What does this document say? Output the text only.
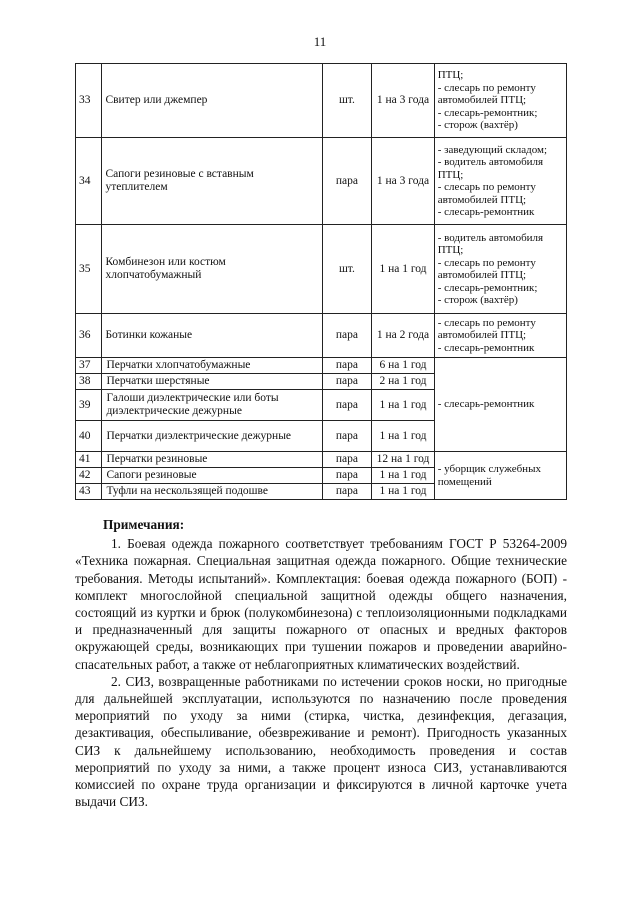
11
33	Свитер или джемпер	шт.	1 на 3 года	ПТЦ;
- слесарь по ремонту автомобилей ПТЦ;
- слесарь-ремонтник;
- сторож (вахтёр)

34	Сапоги резиновые с вставным утеплителем	пара	1 на 3 года	- заведующий складом;
- водитель автомобиля ПТЦ;
- слесарь по ремонту автомобилей ПТЦ;
- слесарь-ремонтник

35	Комбинезон или костюм хлопчатобумажный	шт.	1 на 1 год	- водитель автомобиля ПТЦ;
- слесарь по ремонту автомобилей ПТЦ;
- слесарь-ремонтник;
- сторож (вахтёр)

36	Ботинки кожаные	пара	1 на 2 года	- слесарь по ремонту автомобилей ПТЦ;
- слесарь-ремонтник

37	Перчатки хлопчатобумажные	пара	6 на 1 год	- слесарь-ремонтник
38	Перчатки шерстяные	пара	2 на 1 год	
39	Галоши диэлектрические или боты диэлектрические дежурные	пара	1 на 1 год	
40	Перчатки диэлектрические дежурные	пара	1 на 1 год	
41	Перчатки резиновые	пара	12 на 1 год	- уборщик служебных помещений
42	Сапоги резиновые	пара	1 на 1 год	
43	Туфли на нескользящей подошве	пара	1 на 1 год	
Примечания:

1. Боевая одежда пожарного соответствует требованиям ГОСТ Р 53264-2009 «Техника пожарная. Специальная защитная одежда пожарного. Общие технические требования. Методы испытаний». Комплектация: боевая одежда пожарного (БОП) - комплект многослойной специальной защитной одежды общего назначения, состоящий из куртки и брюк (полукомбинезона) с теплоизоляционными подкладками и предназначенный для защиты пожарного от опасных и вредных факторов окружающей среды, возникающих при тушении пожаров и проведении аварийно-спасательных работ, а также от неблагоприятных климатических воздействий.

2. СИЗ, возвращенные работниками по истечении сроков носки, но пригодные для дальнейшей эксплуатации, используются по назначению после проведения мероприятий по уходу за ними (стирка, чистка, дезинфекция, дегазация, дезактивация, обеспыливание, обезвреживание и ремонт). Пригодность указанных СИЗ к дальнейшему использованию, необходимость проведения и состав мероприятий по уходу за ними, а также процент износа СИЗ, устанавливаются комиссией по охране труда организации и фиксируются в личной карточке учета выдачи СИЗ.
